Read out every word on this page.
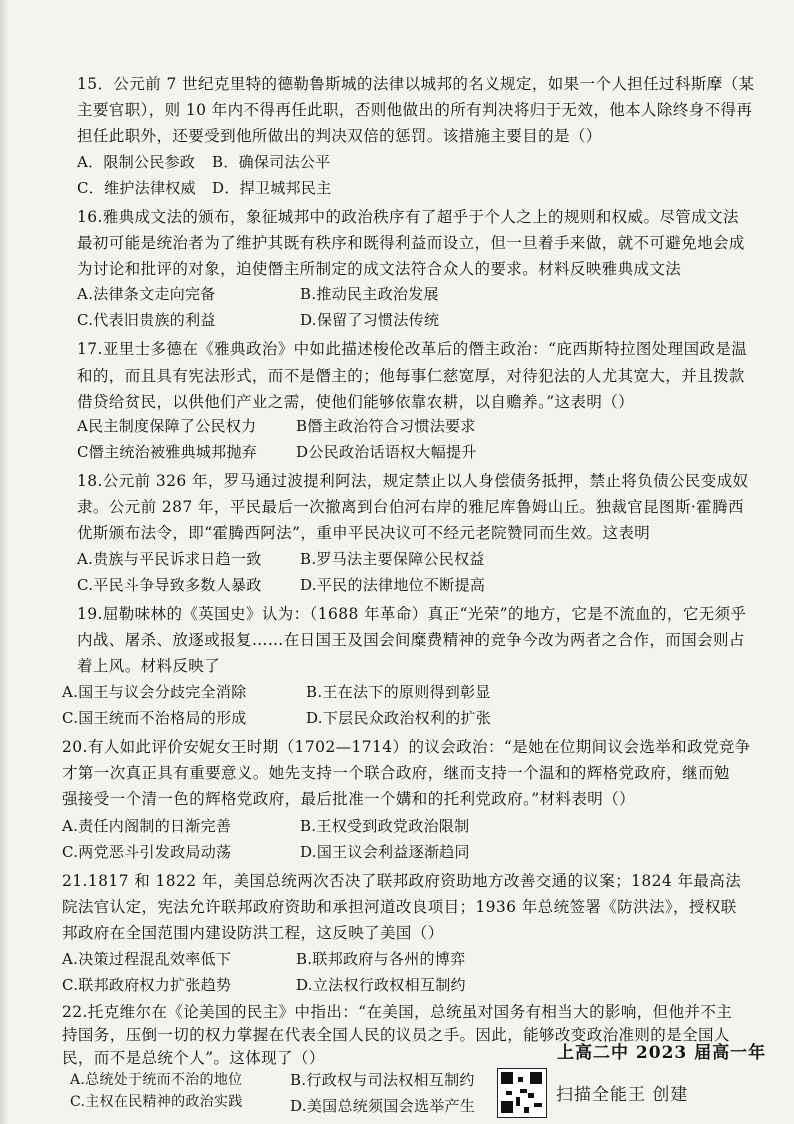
15．公元前 7 世纪克里特的德勒鲁斯城的法律以城邦的名义规定，如果一个人担任过科斯摩（某
主要官职），则 10 年内不得再任此职，否则他做出的所有判决将归于无效，他本人除终身不得再
担任此职外，还要受到他所做出的判决双倍的惩罚。该措施主要目的是（）
A．限制公民参政 B．确保司法公平
C．维护法律权威 D．捍卫城邦民主
16.雅典成文法的颁布，象征城邦中的政治秩序有了超乎于个人之上的规则和权威。尽管成文法
最初可能是统治者为了维护其既有秩序和既得利益而设立，但一旦着手来做，就不可避免地会成
为讨论和批评的对象，迫使僭主所制定的成文法符合众人的要求。材料反映雅典成文法
A.法律条文走向完备	B.推动民主政治发展
C.代表旧贵族的利益	D.保留了习惯法传统
17.亚里士多德在《雅典政治》中如此描述梭伦改革后的僭主政治：“庇西斯特拉图处理国政是温
和的，而且具有宪法形式，而不是僭主的；他每事仁慈宽厚，对待犯法的人尤其宽大，并且拨款
借贷给贫民，以供他们产业之需，使他们能够依靠农耕，以自赡养。”这表明（）
A民主制度保障了公民权力	B僭主政治符合习惯法要求
C僭主统治被雅典城邦抛弃	D公民政治话语权大幅提升
18.公元前 326 年，罗马通过波提利阿法，规定禁止以人身偿债务抵押，禁止将负债公民变成奴
隶。公元前 287 年，平民最后一次撤离到台伯河右岸的雅尼库鲁姆山丘。独裁官昆图斯·霍腾西
优斯颁布法令，即“霍腾西阿法”，重申平民决议可不经元老院赞同而生效。这表明
A.贵族与平民诉求日趋一致	B.罗马法主要保障公民权益
C.平民斗争导致多数人暴政	D.平民的法律地位不断提高
19.屈勒味林的《英国史》认为：（1688 年革命）真正“光荣”的地方，它是不流血的，它无须乎
内战、屠杀、放逐或报复……在日国王及国会间糜费精神的竞争今改为两者之合作，而国会则占
着上风。材料反映了
A.国王与议会分歧完全消除	B.王在法下的原则得到彰显
C.国王统而不治格局的形成	D.下层民众政治权利的扩张
20.有人如此评价安妮女王时期（1702—1714）的议会政治：“是她在位期间议会选举和政党竞争
才第一次真正具有重要意义。她先支持一个联合政府，继而支持一个温和的辉格党政府，继而勉
强接受一个清一色的辉格党政府，最后批准一个媾和的托利党政府。”材料表明（）
A.责任内阁制的日渐完善	B.王权受到政党政治限制
C.两党恶斗引发政局动荡	D.国王议会利益逐渐趋同
21.1817 和 1822 年，美国总统两次否决了联邦政府资助地方改善交通的议案；1824 年最高法
院法官认定，宪法允许联邦政府资助和承担河道改良项目；1936 年总统签署《防洪法》，授权联
邦政府在全国范围内建设防洪工程，这反映了美国（）
A.决策过程混乱效率低下	B.联邦政府与各州的博弈
C.联邦政府权力扩张趋势	D.立法权行政权相互制约
22.托克维尔在《论美国的民主》中指出：“在美国，总统虽对国务有相当大的影响，但他并不主
持国务，压倒一切的权力掌握在代表全国人民的议员之手。因此，能够改变政治准则的是全国人
民，而不是总统个人”。这体现了（）
A.总统处于统而不治的地位	B.行政权与司法权相互制约
C.主权在民精神的政治实践	D.美国总统须国会选举产生
上高二中 2023 届高一年
扫描全能王 创建
